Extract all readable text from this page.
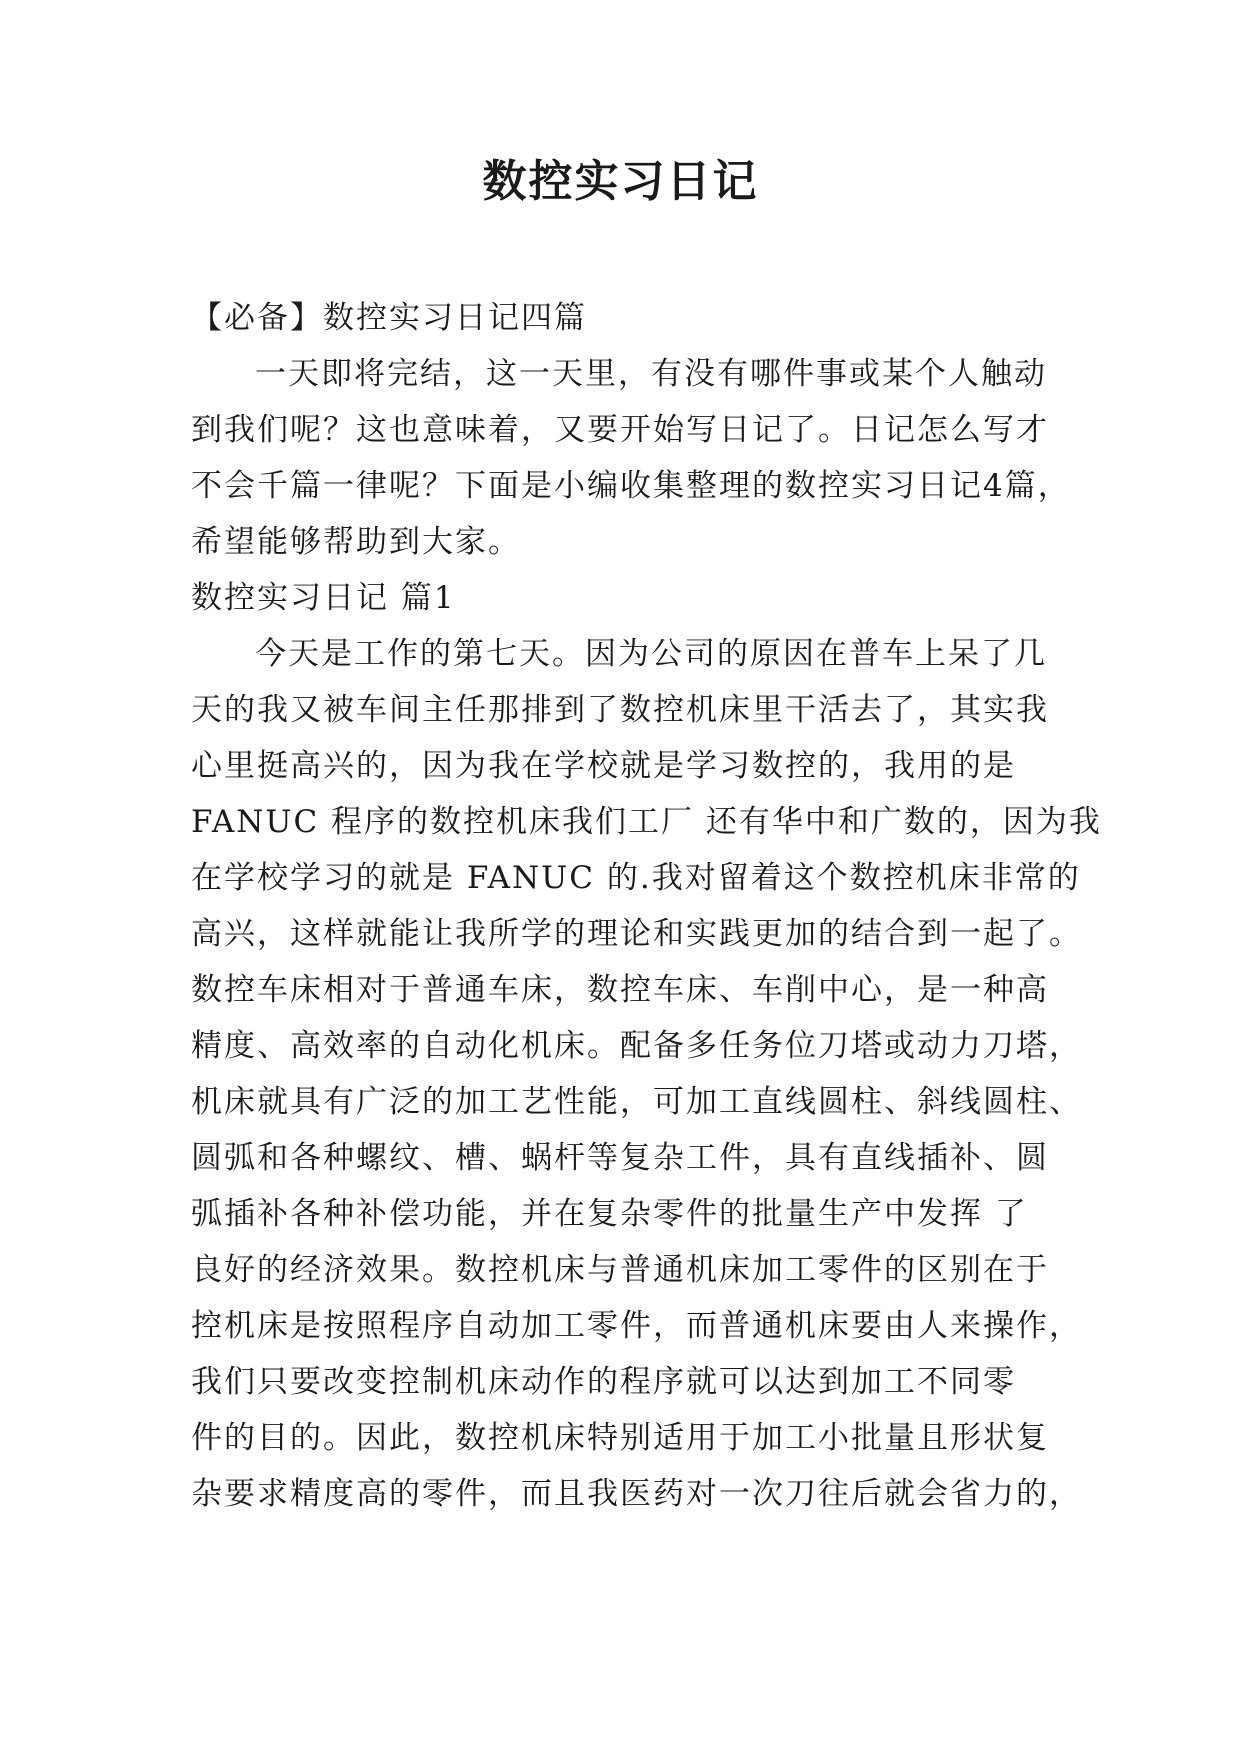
数控实习日记
【必备】数控实习日记四篇
一天即将完结，这一天里，有没有哪件事或某个人触动
到我们呢？这也意味着，又要开始写日记了。日记怎么写才
不会千篇一律呢？下面是小编收集整理的数控实习日记4篇，
希望能够帮助到大家。
数控实习日记 篇1
今天是工作的第七天。因为公司的原因在普车上呆了几
天的我又被车间主任那排到了数控机床里干活去了，其实我
心里挺高兴的，因为我在学校就是学习数控的，我用的是
FANUC 程序的数控机床我们工厂 还有华中和广数的，因为我
在学校学习的就是 FANUC 的.我对留着这个数控机床非常的
高兴，这样就能让我所学的理论和实践更加的结合到一起了。
数控车床相对于普通车床，数控车床、车削中心，是一种高
精度、高效率的自动化机床。配备多任务位刀塔或动力刀塔，
机床就具有广泛的加工艺性能，可加工直线圆柱、斜线圆柱、
圆弧和各种螺纹、槽、蜗杆等复杂工件，具有直线插补、圆
弧插补各种补偿功能，并在复杂零件的批量生产中发挥 了
良好的经济效果。数控机床与普通机床加工零件的区别在于
控机床是按照程序自动加工零件，而普通机床要由人来操作，
我们只要改变控制机床动作的程序就可以达到加工不同零
件的目的。因此，数控机床特别适用于加工小批量且形状复
杂要求精度高的零件，而且我医药对一次刀往后就会省力的，
